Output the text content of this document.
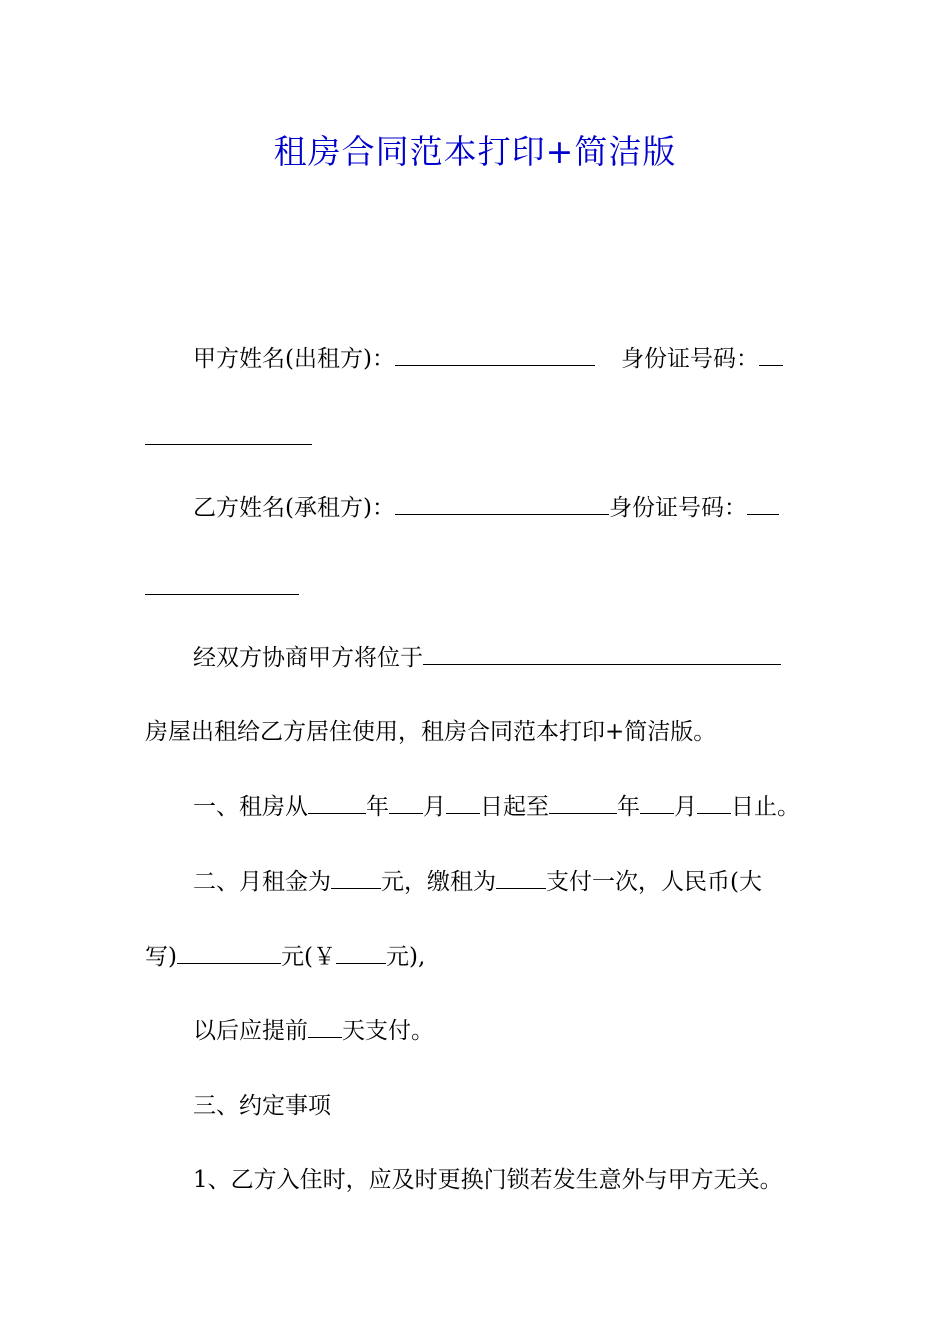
租房合同范本打印+简洁版
甲方姓名(出租方)：	身份证号码：
乙方姓名(承租方)：	身份证号码：
经双方协商甲方将位于
房屋出租给乙方居住使用，租房合同范本打印+简洁版。
一、租房从	年 月 日起至	年 月 日止。
二、月租金为 元，缴租为 支付一次，人民币(大
写)	元(￥ 元),
以后应提前 天支付。
三、约定事项
1、乙方入住时，应及时更换门锁若发生意外与甲方无关。
